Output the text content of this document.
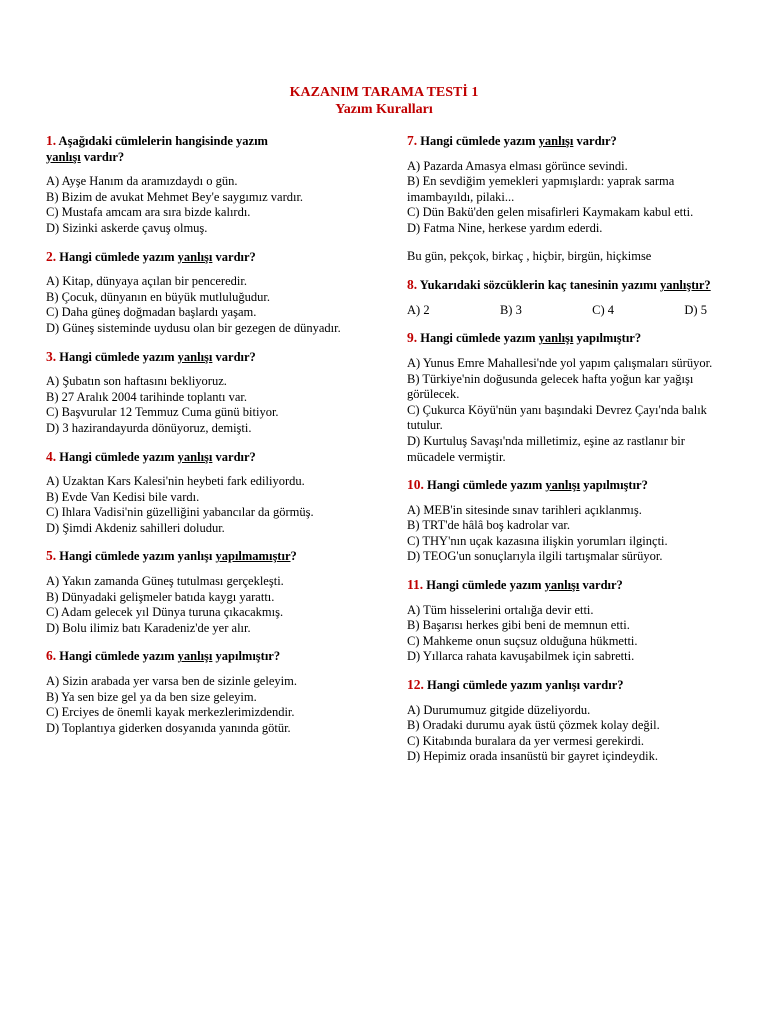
KAZANIM TARAMA TESTİ 1
Yazım Kuralları
1. Aşağıdaki cümlelerin hangisinde yazım
yanlışı vardır?
A) Ayşe Hanım da aramızdaydı o gün.
B) Bizim de avukat Mehmet Bey'e saygımız vardır.
C) Mustafa amcam ara sıra bizde kalırdı.
D) Sizinki askerde çavuş olmuş.
2. Hangi cümlede yazım yanlışı vardır?
A) Kitap, dünyaya açılan bir penceredir.
B) Çocuk, dünyanın en büyük mutluluğudur.
C) Daha güneş doğmadan başlardı yaşam.
D) Güneş sisteminde uydusu olan bir gezegen de dünyadır.
3. Hangi cümlede yazım yanlışı vardır?
A) Şubatın son haftasını bekliyoruz.
B) 27 Aralık 2004 tarihinde toplantı var.
C) Başvurular 12 Temmuz Cuma günü bitiyor.
D) 3 hazirandayurda dönüyoruz, demişti.
4. Hangi cümlede yazım yanlışı vardır?
A) Uzaktan Kars Kalesi'nin heybeti fark ediliyordu.
B) Evde Van Kedisi bile vardı.
C) Ihlara Vadisi'nin güzelliğini yabancılar da görmüş.
D) Şimdi Akdeniz sahilleri doludur.
5. Hangi cümlede yazım yanlışı yapılmamıştır?
A) Yakın zamanda Güneş tutulması gerçekleşti.
B) Dünyadaki gelişmeler batıda kaygı yarattı.
C) Adam gelecek yıl Dünya turuna çıkacakmış.
D) Bolu ilimiz batı Karadeniz'de yer alır.
6. Hangi cümlede yazım yanlışı yapılmıştır?
A) Sizin arabada yer varsa ben de sizinle geleyim.
B) Ya sen bize gel ya da ben size geleyim.
C) Erciyes de önemli kayak merkezlerimizdendir.
D) Toplantıya giderken dosyanıda yanında götür.
7. Hangi cümlede yazım yanlışı vardır?
A) Pazarda Amasya elması görünce sevindi.
B) En sevdiğim yemekleri yapmışlardı: yaprak sarma imambayıldı, pilaki...
C) Dün Bakü'den gelen misafirleri Kaymakam kabul etti.
D) Fatma Nine, herkese yardım ederdi.
Bu gün, pekçok, birkaç , hiçbir, birgün, hiçkimse
8. Yukarıdaki sözcüklerin kaç tanesinin yazımı yanlıştır?
A) 2	B) 3	C) 4	D) 5
9. Hangi cümlede yazım yanlışı yapılmıştır?
A) Yunus Emre Mahallesi'nde yol yapım çalışmaları sürüyor.
B) Türkiye'nin doğusunda gelecek hafta yoğun kar yağışı görülecek.
C) Çukurca Köyü'nün yanı başındaki Devrez Çayı'nda balık tutulur.
D) Kurtuluş Savaşı'nda milletimiz, eşine az rastlanır bir mücadele vermiştir.
10. Hangi cümlede yazım yanlışı yapılmıştır?
A) MEB'in sitesinde sınav tarihleri açıklanmış.
B) TRT'de hâlâ boş kadrolar var.
C) THY'nın uçak kazasına ilişkin yorumları ilginçti.
D) TEOG'un sonuçlarıyla ilgili tartışmalar sürüyor.
11. Hangi cümlede yazım yanlışı vardır?
A) Tüm hisselerini ortalığa devir etti.
B) Başarısı herkes gibi beni de memnun etti.
C) Mahkeme onun suçsuz olduğuna hükmetti.
D) Yıllarca rahata kavuşabilmek için sabretti.
12. Hangi cümlede yazım yanlışı vardır?
A) Durumumuz gitgide düzeliyordu.
B) Oradaki durumu ayak üstü çözmek kolay değil.
C) Kitabında buralara da yer vermesi gerekirdi.
D) Hepimiz orada insanüstü bir gayret içindeydik.
